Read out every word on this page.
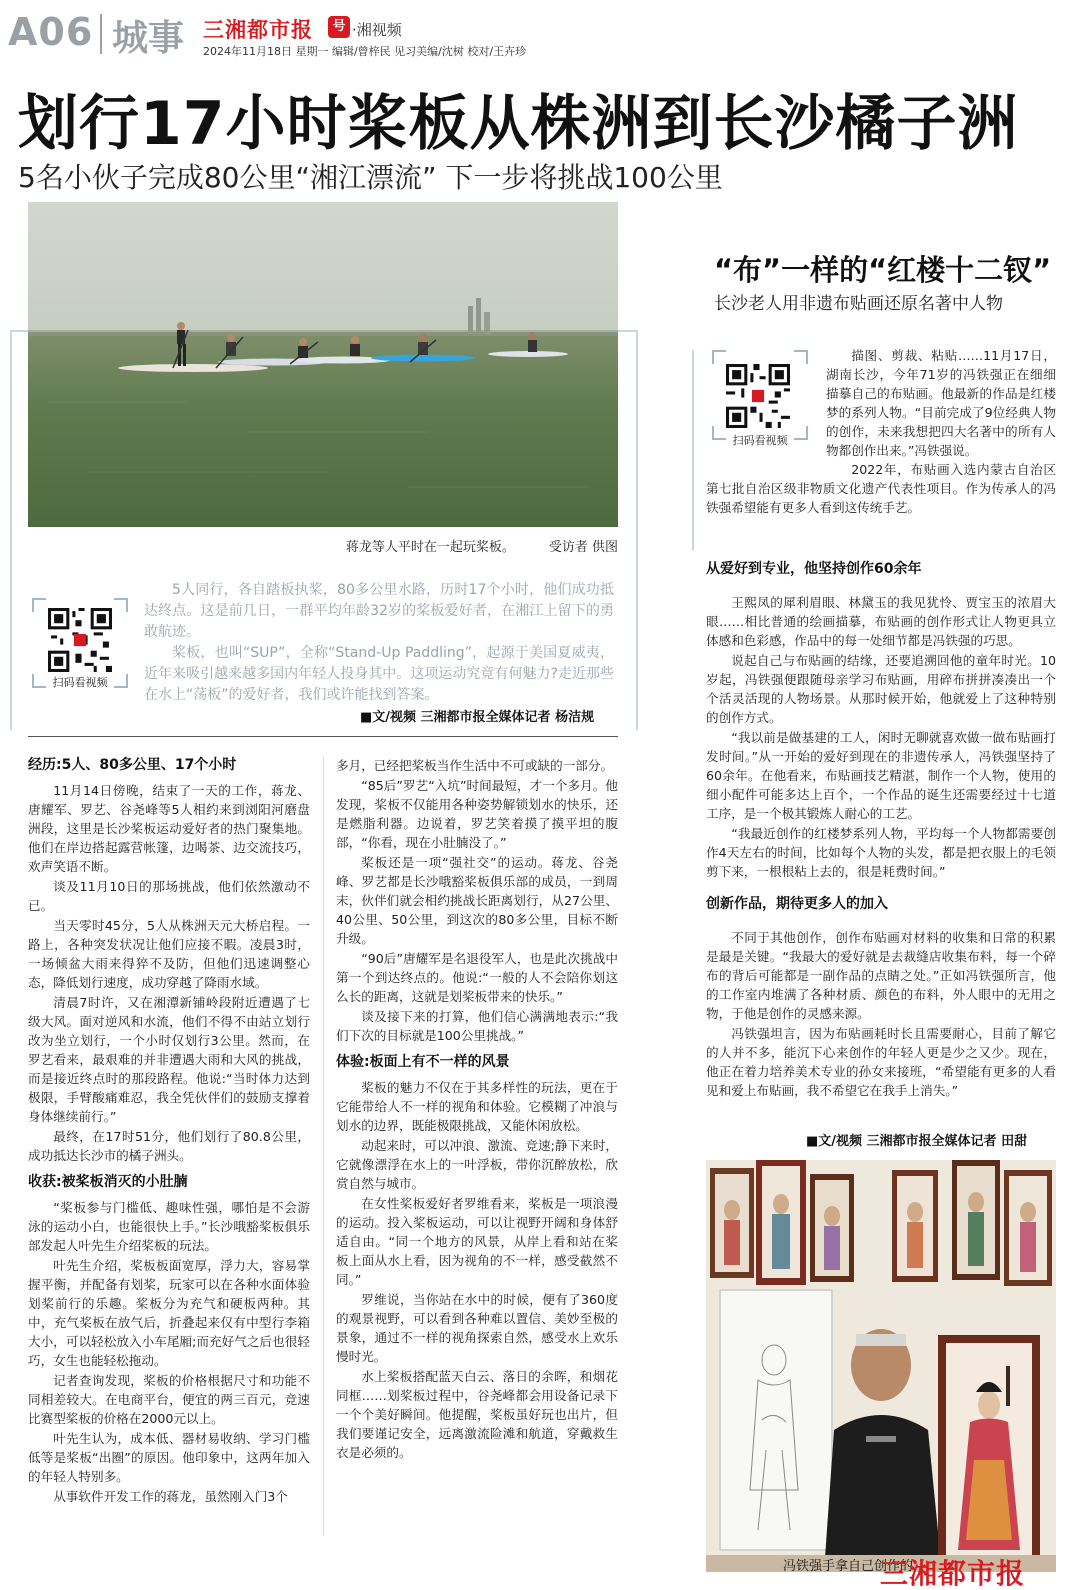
A06 城事 三湘都市报	号 ·湘视频
2024年11月18日 星期一 编辑/曾梓民 见习美编/沈树 校对/王卉珍
划行17小时桨板从株洲到长沙橘子洲
5名小伙子完成80公里“湘江漂流” 下一步将挑战100公里
蒋龙等人平时在一起玩桨板。	受访者 供图
扫码看视频

5人同行，各自踏板执桨，80多公里水路，历时17个小时，他们成功抵达终点。这是前几日，一群平均年龄32岁的桨板爱好者，在湘江上留下的勇敢航迹。

桨板，也叫“SUP”，全称“Stand-Up Paddling”，起源于美国夏威夷，近年来吸引越来越多国内年轻人投身其中。这项运动究竟有何魅力?走近那些在水上“荡板”的爱好者，我们或许能找到答案。

■文/视频 三湘都市报全媒体记者 杨洁规
经历:5人、80多公里、17个小时

11月14日傍晚，结束了一天的工作，蒋龙、唐耀军、罗艺、谷尧峰等5人相约来到浏阳河磨盘洲段，这里是长沙桨板运动爱好者的热门聚集地。他们在岸边搭起露营帐篷，边喝茶、边交流技巧，欢声笑语不断。

谈及11月10日的那场挑战，他们依然激动不已。

当天零时45分，5人从株洲天元大桥启程。一路上，各种突发状况让他们应接不暇。凌晨3时，一场倾盆大雨来得猝不及防，但他们迅速调整心态，降低划行速度，成功穿越了降雨水域。

清晨7时许，又在湘潭新铺岭段附近遭遇了七级大风。面对逆风和水流，他们不得不由站立划行改为坐立划行，一个小时仅划行3公里。然而，在罗艺看来，最艰难的并非遭遇大雨和大风的挑战，而是接近终点时的那段路程。他说:“当时体力达到极限，手臂酸痛难忍，我全凭伙伴们的鼓励支撑着身体继续前行。”

最终，在17时51分，他们划行了80.8公里，成功抵达长沙市的橘子洲头。

收获:被桨板消灭的小肚腩

“桨板参与门槛低、趣味性强，哪怕是不会游泳的运动小白，也能很快上手。”长沙哦豁桨板俱乐部发起人叶先生介绍桨板的玩法。

叶先生介绍，桨板板面宽厚，浮力大，容易掌握平衡，并配备有划桨，玩家可以在各种水面体验划桨前行的乐趣。桨板分为充气和硬板两种。其中，充气桨板在放气后，折叠起来仅有中型行李箱大小，可以轻松放入小车尾厢;而充好气之后也很轻巧，女生也能轻松拖动。

记者查询发现，桨板的价格根据尺寸和功能不同相差较大。在电商平台，便宜的两三百元，竞速比赛型桨板的价格在2000元以上。

叶先生认为，成本低、器材易收纳、学习门槛低等是桨板“出圈”的原因。他印象中，这两年加入的年轻人特别多。

从事软件开发工作的蒋龙，虽然刚入门3个

多月，已经把桨板当作生活中不可或缺的一部分。

“85后”罗艺“入坑”时间最短，才一个多月。他发现，桨板不仅能用各种姿势解锁划水的快乐，还是燃脂利器。边说着，罗艺笑着摸了摸平坦的腹部，“你看，现在小肚腩没了。”

桨板还是一项“强社交”的运动。蒋龙、谷尧峰、罗艺都是长沙哦豁桨板俱乐部的成员，一到周末，伙伴们就会相约挑战长距离划行，从27公里、40公里、50公里，到这次的80多公里，目标不断升级。

“90后”唐耀军是名退役军人，也是此次挑战中第一个到达终点的。他说:“一般的人不会陪你划这么长的距离，这就是划桨板带来的快乐。”

谈及接下来的打算，他们信心满满地表示:“我们下次的目标就是100公里挑战。”

体验:板面上有不一样的风景

桨板的魅力不仅在于其多样性的玩法，更在于它能带给人不一样的视角和体验。它模糊了冲浪与划水的边界，既能极限挑战，又能休闲放松。

动起来时，可以冲浪、激流、竞速;静下来时，它就像漂浮在水上的一叶浮板，带你沉醉放松，欣赏自然与城市。

在女性桨板爱好者罗维看来，桨板是一项浪漫的运动。投入桨板运动，可以让视野开阔和身体舒适自由。“同一个地方的风景，从岸上看和站在桨板上面从水上看，因为视角的不一样，感受截然不同。”

罗维说，当你站在水中的时候，便有了360度的观景视野，可以看到各种难以置信、美妙至极的景象，通过不一样的视角探索自然，感受水上欢乐慢时光。

水上桨板搭配蓝天白云、落日的余晖，和烟花同框……划桨板过程中，谷尧峰都会用设备记录下一个个美好瞬间。他提醒，桨板虽好玩也出片，但我们要谨记安全，远离激流险滩和航道，穿戴救生衣是必须的。

“布”一样的“红楼十二钗”
长沙老人用非遗布贴画还原名著中人物

描图、剪裁、粘贴……11月17日，湖南长沙，今年71岁的冯铁强正在细细描摹自己的布贴画。他最新的作品是红楼梦的系列人物。“目前完成了9位经典人物的创作，未来我想把四大名著中的所有人物都创作出来。”冯铁强说。

2022年，布贴画入选内蒙古自治区第七批自治区级非物质文化遗产代表性项目。作为传承人的冯铁强希望能有更多人看到这传统手艺。

扫码看视频
从爱好到专业，他坚持创作60余年

王熙凤的犀利眉眼、林黛玉的我见犹怜、贾宝玉的浓眉大眼……相比普通的绘画描摹，布贴画的创作形式让人物更具立体感和色彩感，作品中的每一处细节都是冯铁强的巧思。

说起自己与布贴画的结缘，还要追溯回他的童年时光。10岁起，冯铁强便跟随母亲学习布贴画，用碎布拼拼凑凑出一个个活灵活现的人物场景。从那时候开始，他就爱上了这种特别的创作方式。

“我以前是做基建的工人，闲时无聊就喜欢做一做布贴画打发时间。”从一开始的爱好到现在的非遗传承人，冯铁强坚持了60余年。在他看来，布贴画技艺精湛，制作一个人物，使用的细小配件可能多达上百个，一个作品的诞生还需要经过十七道工序，是一个极其锻炼人耐心的工艺。

“我最近创作的红楼梦系列人物，平均每一个人物都需要创作4天左右的时间，比如每个人物的头发，都是把衣服上的毛领剪下来，一根根粘上去的，很是耗费时间。”

创新作品，期待更多人的加入

不同于其他创作，创作布贴画对材料的收集和日常的积累是最是关键。“我最大的爱好就是去裁缝店收集布料，每一个碎布的背后可能都是一副作品的点睛之处。”正如冯铁强所言，他的工作室内堆满了各种材质、颜色的布料，外人眼中的无用之物，于他是创作的灵感来源。

冯铁强坦言，因为布贴画耗时长且需要耐心，目前了解它的人并不多，能沉下心来创作的年轻人更是少之又少。现在，他正在着力培养美术专业的孙女来接班，“希望能有更多的人看见和爱上布贴画，我不希望它在我手上消失。”

■文/视频 三湘都市报全媒体记者 田甜
冯铁强手拿自己创作的
三湘都市报
